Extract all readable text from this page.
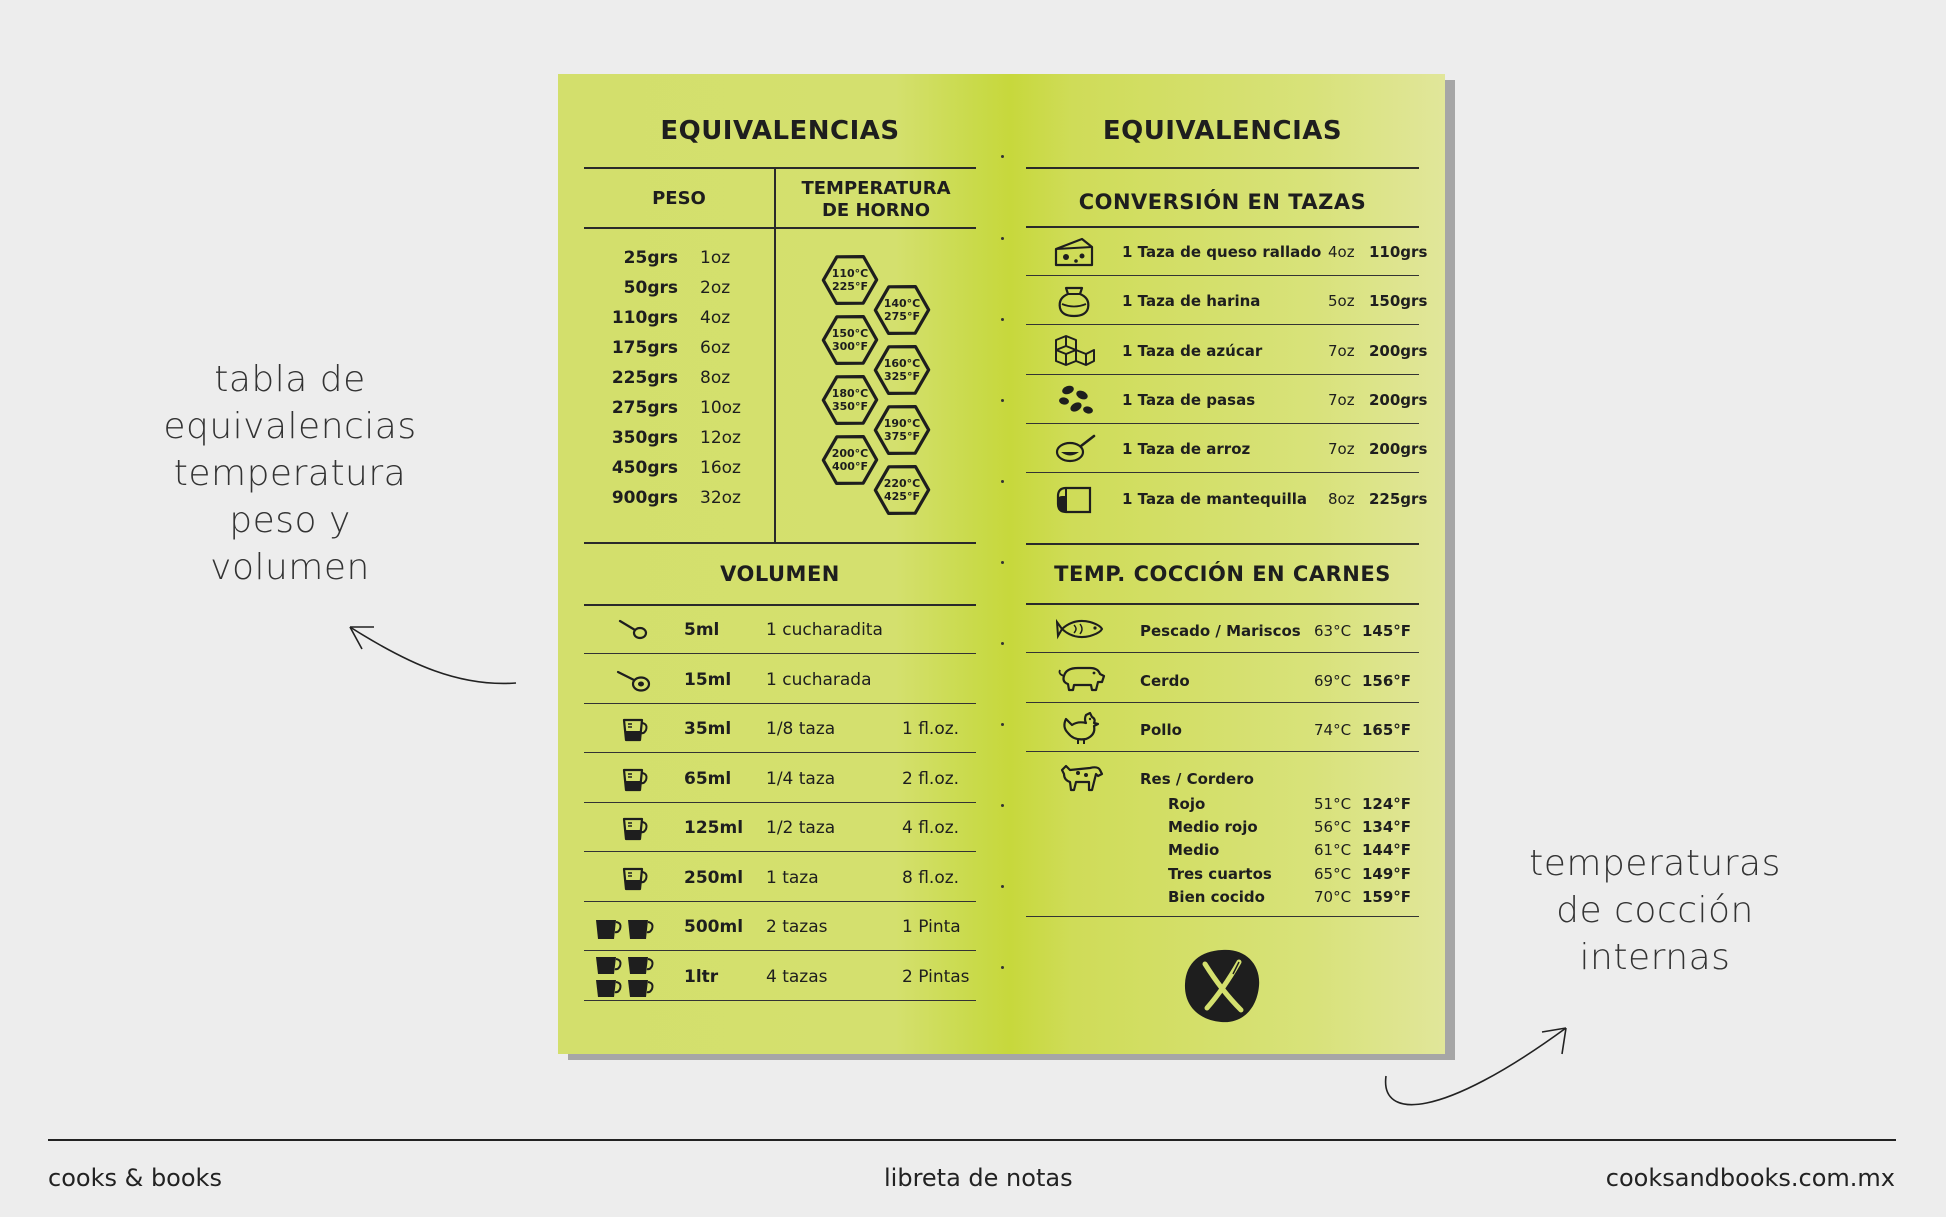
tabla de
equivalencias
temperatura
peso y
volumen
temperaturas
de cocción
internas
EQUIVALENCIAS
PESO	TEMPERATURA
DE HORNO
25grs 1oz
50grs 2oz
110grs 4oz
175grs 6oz
225grs 8oz
275grs 10oz
350grs 12oz
450grs 16oz
900grs 32oz
110°C
225°F
140°C
275°F
150°C
300°F
160°C
325°F
180°C
350°F
190°C
375°F
200°C
400°F
220°C
425°F
VOLUMEN
5ml	1 cucharadita
15ml 1 cucharada
35ml 1/8 taza	1 fl.oz.
65ml 1/4 taza	2 fl.oz.
125ml 1/2 taza	4 fl.oz.
250ml 1 taza	8 fl.oz.
500ml 2 tazas	1 Pinta
1ltr	4 tazas	2 Pintas
EQUIVALENCIAS
CONVERSIÓN EN TAZAS
1 Taza de queso rallado 4oz 110grs
1 Taza de harina	5oz 150grs
1 Taza de azúcar	7oz 200grs
1 Taza de pasas	7oz 200grs
1 Taza de arroz	7oz 200grs
1 Taza de mantequilla 8oz 225grs
TEMP. COCCIÓN EN CARNES
Pescado / Mariscos 63°C 145°F
Cerdo	69°C 156°F
Pollo	74°C 165°F
Res / Cordero
Rojo	51°C 124°F
Medio rojo	56°C 134°F
Medio	61°C 144°F
Tres cuartos	65°C 149°F
Bien cocido	70°C 159°F
cooks & books	libreta de notas	cooksandbooks.com.mx
